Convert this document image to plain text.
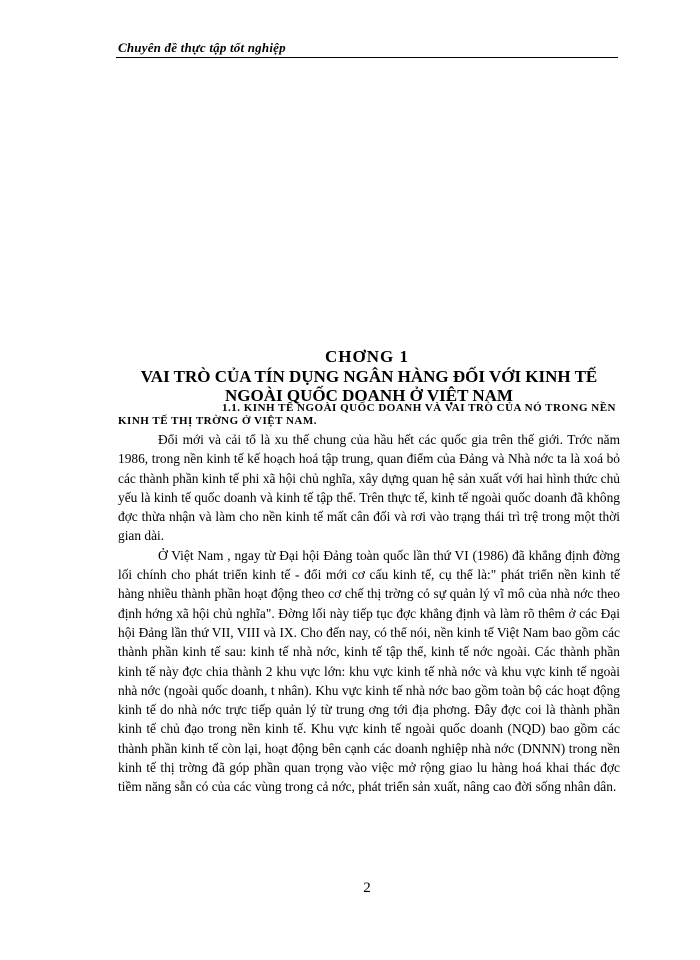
Chuyên đề thực tập tốt nghiệp
CHƠNG 1
VAI TRÒ CỦA TÍN DỤNG NGÂN HÀNG ĐỐI VỚI KINH TẾ NGOÀI QUỐC DOANH Ở VIỆT NAM
1.1. KINH TẾ NGOÀI QUỐC DOANH VÀ VAI TRÒ CỦA NÓ TRONG NỀN
KINH TẾ THỊ TRỜNG Ở VIỆT NAM.

Đổi mới và cải tổ là xu thế chung của hầu hết các quốc gia trên thế giới. Trớc năm 1986, trong nền kinh tế kế hoạch hoá tập trung, quan điểm của Đảng và Nhà nớc ta là xoá bỏ các thành phần kinh tế phi xã hội chủ nghĩa, xây dựng quan hệ sản xuất với hai hình thức chủ yếu là kinh tế quốc doanh và kinh tế tập thể. Trên thực tế, kinh tế ngoài quốc doanh đã không đợc thừa nhận và làm cho nền kinh tế mất cân đối và rơi vào trạng thái trì trệ trong một thời gian dài.

Ở Việt Nam , ngay từ Đại hội Đảng toàn quốc lần thứ VI (1986) đã khẳng định đờng lối chính cho phát triển kinh tế - đổi mới cơ cấu kinh tế, cụ thể là:" phát triển nền kinh tế hàng nhiều thành phần hoạt động theo cơ chế thị trờng có sự quản lý vĩ mô của nhà nớc theo định hớng xã hội chủ nghĩa". Đờng lối này tiếp tục đợc khẳng định và làm rõ thêm ở các Đại hội Đảng lần thứ VII, VIII và IX. Cho đến nay, có thể nói, nền kinh tế Việt Nam bao gồm các thành phần kinh tế sau: kinh tế nhà nớc, kinh tế tập thể, kinh tế nớc ngoài. Các thành phần kinh tế này đợc chia thành 2 khu vực lớn: khu vực kinh tế nhà nớc và khu vực kinh tế ngoài nhà nớc (ngoài quốc doanh, t nhân). Khu vực kinh tế nhà nớc bao gồm toàn bộ các hoạt động kinh tế do nhà nớc trực tiếp quản lý từ trung ơng tới địa phơng. Đây đợc coi là thành phần kinh tế chủ đạo trong nền kinh tế. Khu vực kinh tế ngoài quốc doanh (NQD) bao gồm các thành phần kinh tế còn lại, hoạt động bên cạnh các doanh nghiệp nhà nớc (DNNN) trong nền kinh tế thị trờng đã góp phần quan trọng vào việc mở rộng giao lu hàng hoá khai thác đợc tiềm năng sẵn có của các vùng trong cả nớc, phát triển sản xuất, nâng cao đời sống nhân dân.

2
